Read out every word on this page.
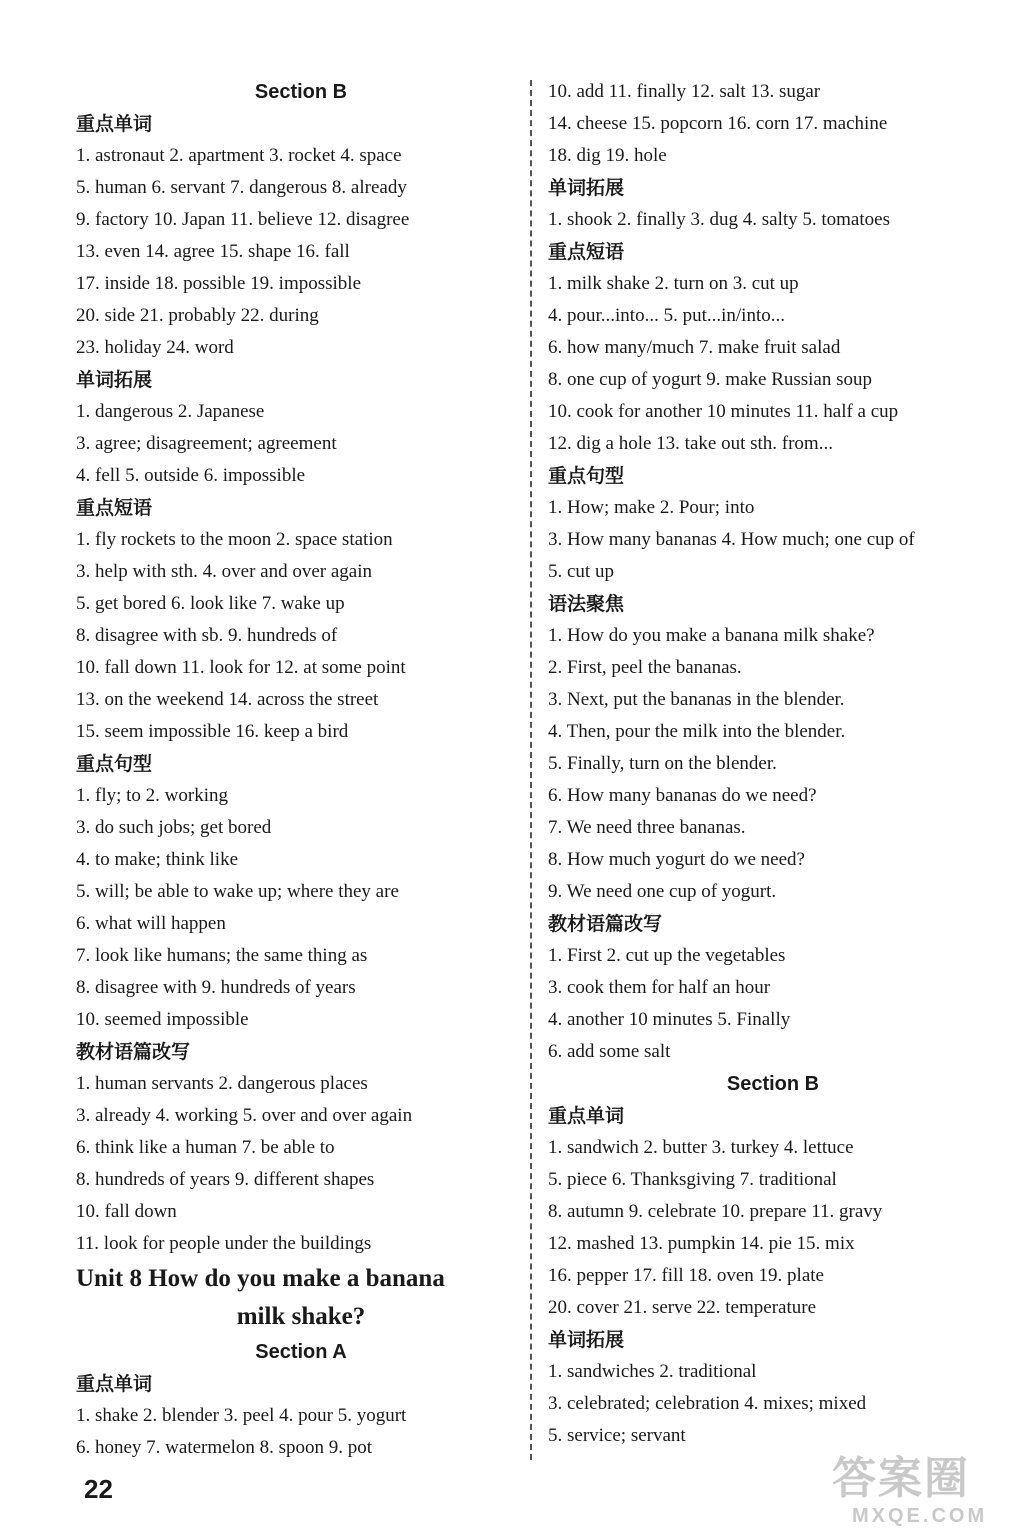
Section B
重点单词
1. astronaut 2. apartment 3. rocket 4. space
5. human 6. servant 7. dangerous 8. already
9. factory 10. Japan 11. believe 12. disagree
13. even 14. agree 15. shape 16. fall
17. inside 18. possible 19. impossible
20. side 21. probably 22. during
23. holiday 24. word
单词拓展
1. dangerous 2. Japanese
3. agree; disagreement; agreement
4. fell 5. outside 6. impossible
重点短语
1. fly rockets to the moon 2. space station
3. help with sth. 4. over and over again
5. get bored 6. look like 7. wake up
8. disagree with sb. 9. hundreds of
10. fall down 11. look for 12. at some point
13. on the weekend 14. across the street
15. seem impossible 16. keep a bird
重点句型
1. fly; to 2. working
3. do such jobs; get bored
4. to make; think like
5. will; be able to wake up; where they are
6. what will happen
7. look like humans; the same thing as
8. disagree with 9. hundreds of years
10. seemed impossible
教材语篇改写
1. human servants 2. dangerous places
3. already 4. working 5. over and over again
6. think like a human 7. be able to
8. hundreds of years 9. different shapes
10. fall down
11. look for people under the buildings
Unit 8 How do you make a banana
milk shake?
Section A
重点单词
1. shake 2. blender 3. peel 4. pour 5. yogurt
6. honey 7. watermelon 8. spoon 9. pot
10. add 11. finally 12. salt 13. sugar
14. cheese 15. popcorn 16. corn 17. machine
18. dig 19. hole
单词拓展
1. shook 2. finally 3. dug 4. salty 5. tomatoes
重点短语
1. milk shake 2. turn on 3. cut up
4. pour...into... 5. put...in/into...
6. how many/much 7. make fruit salad
8. one cup of yogurt 9. make Russian soup
10. cook for another 10 minutes 11. half a cup
12. dig a hole 13. take out sth. from...
重点句型
1. How; make 2. Pour; into
3. How many bananas 4. How much; one cup of
5. cut up
语法聚焦
1. How do you make a banana milk shake?
2. First, peel the bananas.
3. Next, put the bananas in the blender.
4. Then, pour the milk into the blender.
5. Finally, turn on the blender.
6. How many bananas do we need?
7. We need three bananas.
8. How much yogurt do we need?
9. We need one cup of yogurt.
教材语篇改写
1. First 2. cut up the vegetables
3. cook them for half an hour
4. another 10 minutes 5. Finally
6. add some salt
Section B
重点单词
1. sandwich 2. butter 3. turkey 4. lettuce
5. piece 6. Thanksgiving 7. traditional
8. autumn 9. celebrate 10. prepare 11. gravy
12. mashed 13. pumpkin 14. pie 15. mix
16. pepper 17. fill 18. oven 19. plate
20. cover 21. serve 22. temperature
单词拓展
1. sandwiches 2. traditional
3. celebrated; celebration 4. mixes; mixed
5. service; servant
22	答案圈
MXQE.COM
